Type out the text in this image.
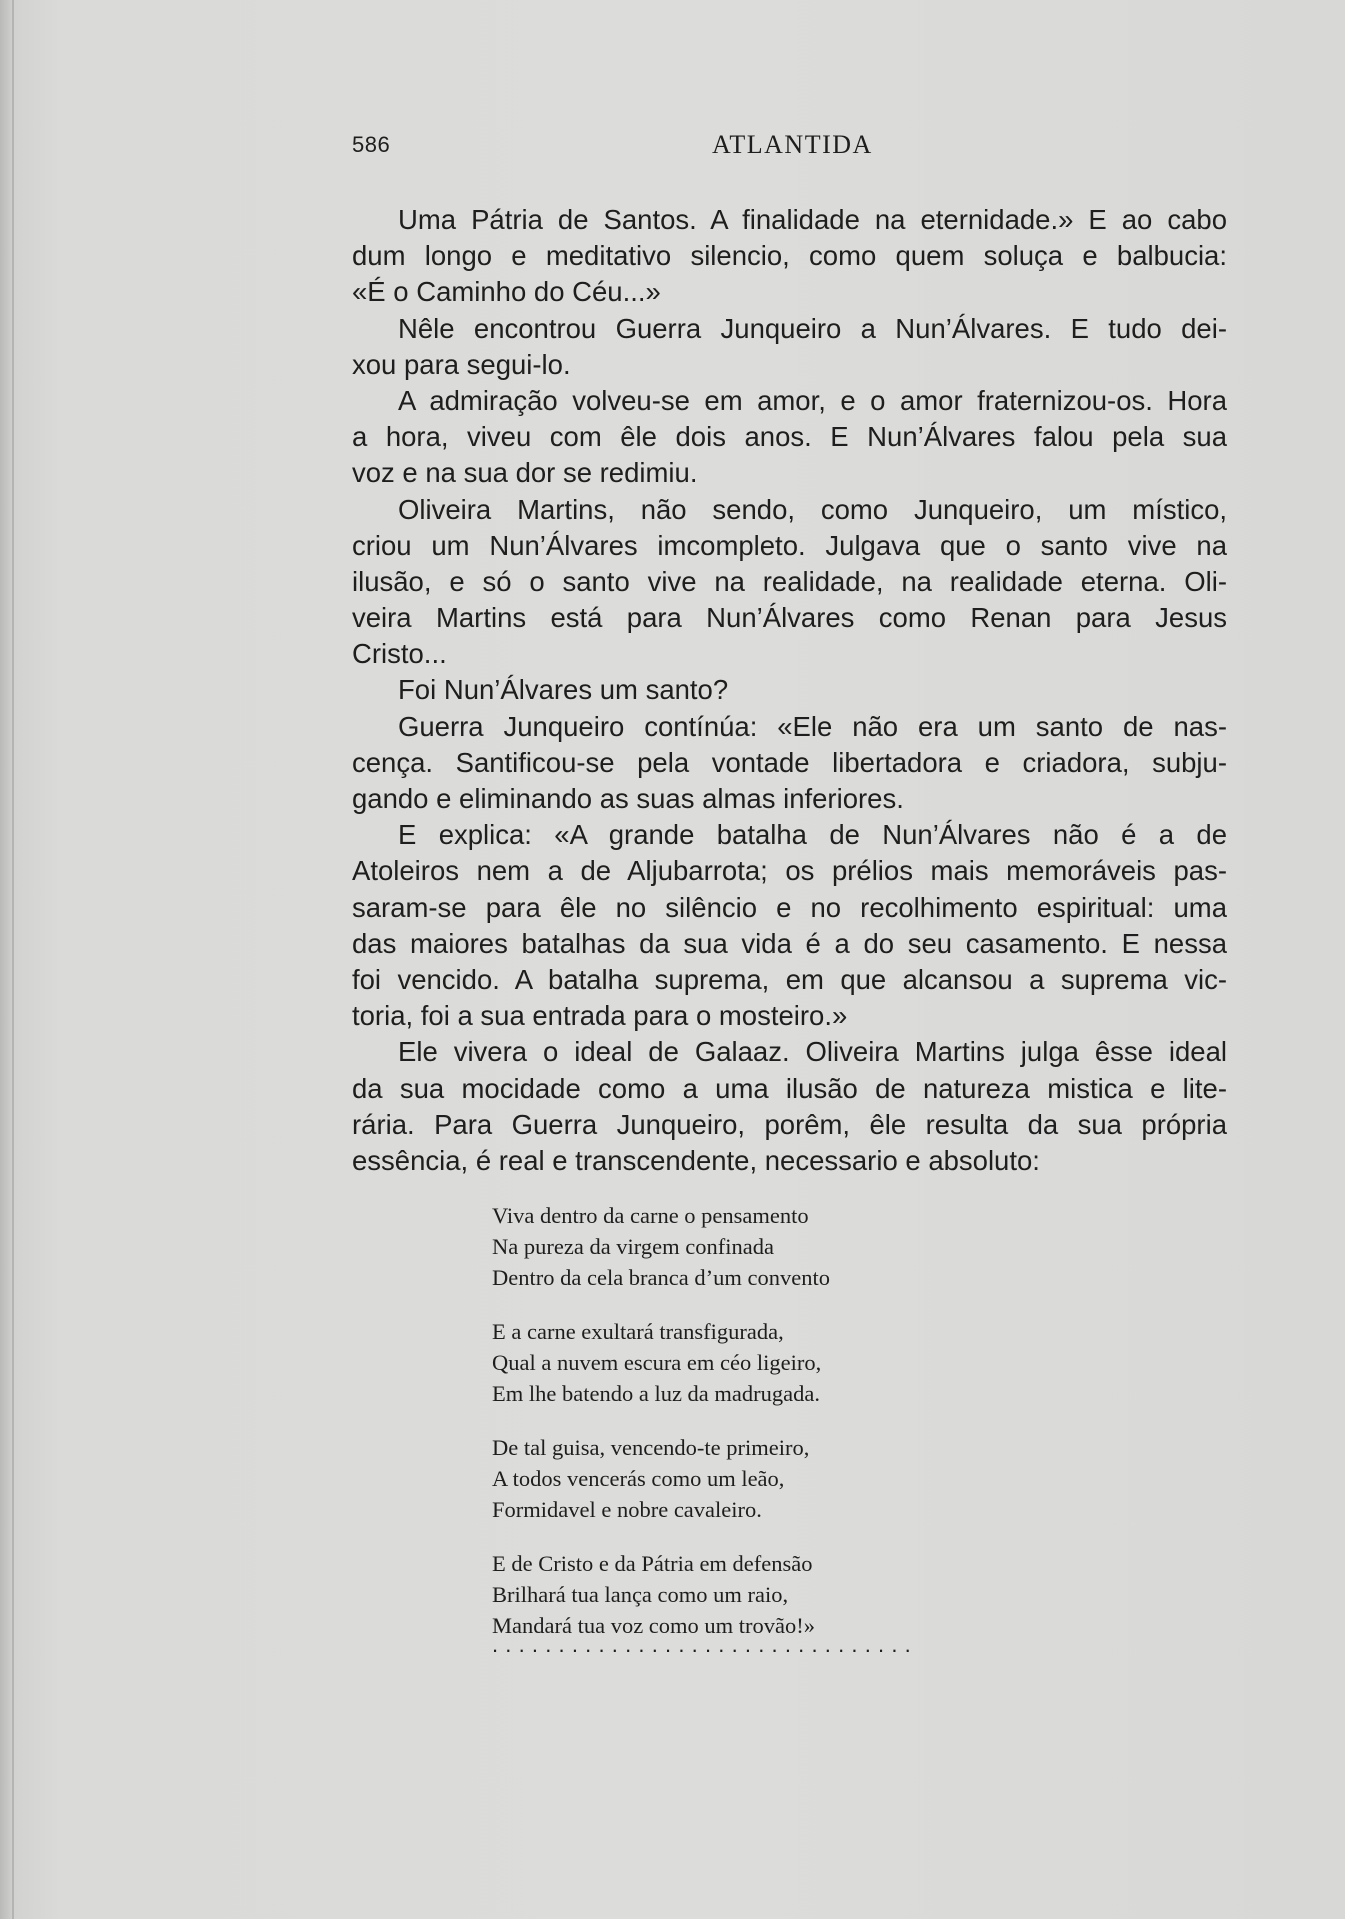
586	ATLANTIDA
Uma Pátria de Santos. A finalidade na eternidade.» E ao cabo
dum longo e meditativo silencio, como quem soluça e balbucia:
«É o Caminho do Céu...»
Nêle encontrou Guerra Junqueiro a Nun’Álvares. E tudo dei-
xou para segui-lo.
A admiração volveu-se em amor, e o amor fraternizou-os. Hora
a hora, viveu com êle dois anos. E Nun’Álvares falou pela sua
voz e na sua dor se redimiu.
Oliveira Martins, não sendo, como Junqueiro, um místico,
criou um Nun’Álvares imcompleto. Julgava que o santo vive na
ilusão, e só o santo vive na realidade, na realidade eterna. Oli-
veira Martins está para Nun’Álvares como Renan para Jesus
Cristo...
Foi Nun’Álvares um santo?
Guerra Junqueiro contínúa: «Ele não era um santo de nas-
cença. Santificou-se pela vontade libertadora e criadora, subju-
gando e eliminando as suas almas inferiores.
E explica: «A grande batalha de Nun’Álvares não é a de
Atoleiros nem a de Aljubarrota; os prélios mais memoráveis pas-
saram-se para êle no silêncio e no recolhimento espiritual: uma
das maiores batalhas da sua vida é a do seu casamento. E nessa
foi vencido. A batalha suprema, em que alcansou a suprema vic-
toria, foi a sua entrada para o mosteiro.»
Ele vivera o ideal de Galaaz. Oliveira Martins julga êsse ideal
da sua mocidade como a uma ilusão de natureza mistica e lite-
rária. Para Guerra Junqueiro, porêm, êle resulta da sua própria
essência, é real e transcendente, necessario e absoluto:
Viva dentro da carne o pensamento
Na pureza da virgem confinada
Dentro da cela branca d’um convento
E a carne exultará transfigurada,
Qual a nuvem escura em céo ligeiro,
Em lhe batendo a luz da madrugada.
De tal guisa, vencendo-te primeiro,
A todos vencerás como um leão,
Formidavel e nobre cavaleiro.
E de Cristo e da Pátria em defensão
Brilhará tua lança como um raio,
Mandará tua voz como um trovão!»
................................
